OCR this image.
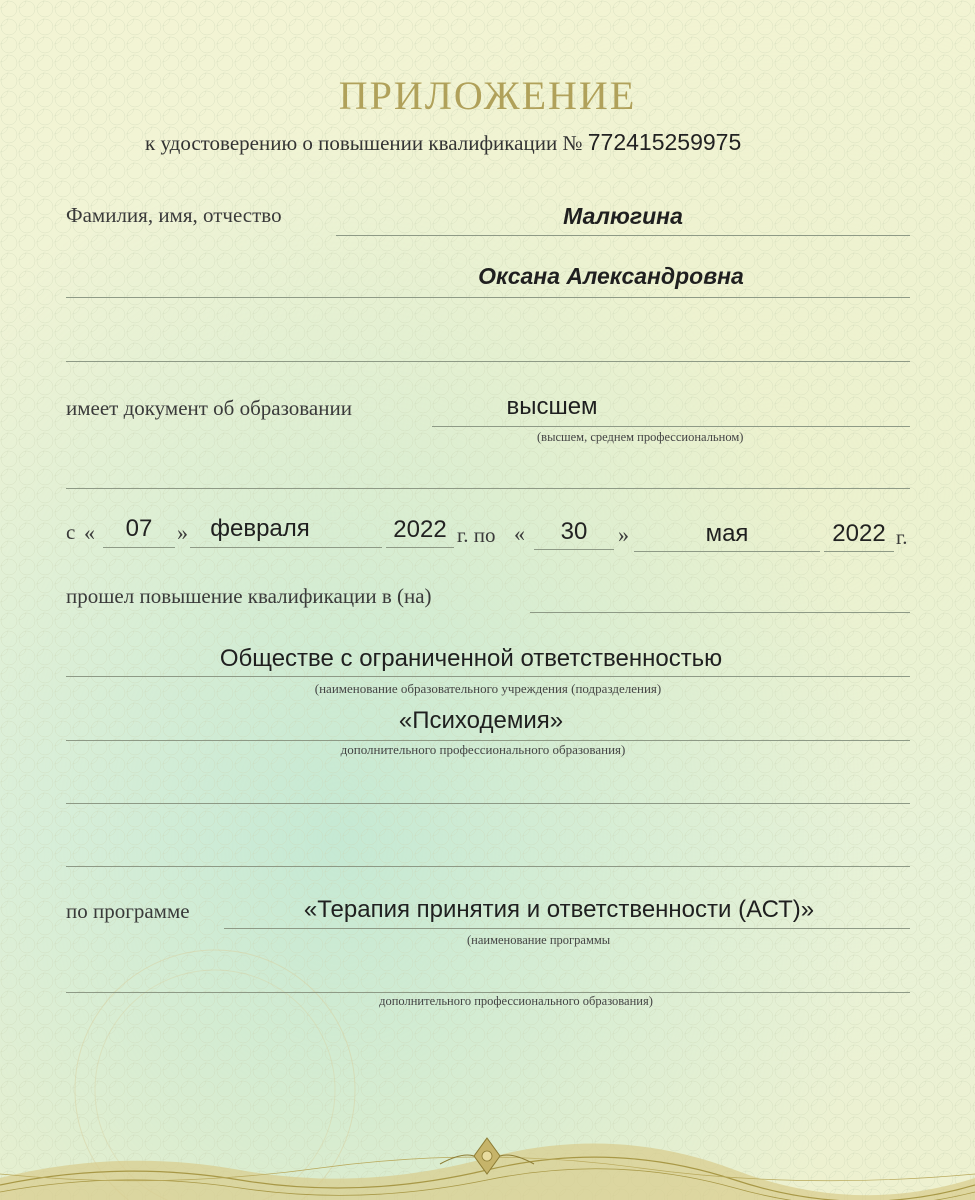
ПРИЛОЖЕНИЕ
к удостоверению о повышении квалификации № 772415259975
Фамилия, имя, отчество	Малюгина
Оксана Александровна
имеет документ об образовании	высшем
(высшем, среднем профессиональном)
с «	07	» февраля	2022 г. по «	30	»	мая	2022 г.
прошел повышение квалификации в (на)
Обществе с ограниченной ответственностью
(наименование образовательного учреждения (подразделения)
«Психодемия»
дополнительного профессионального образования)
по программе	«Терапия принятия и ответственности (АСТ)»
(наименование программы
дополнительного профессионального образования)
